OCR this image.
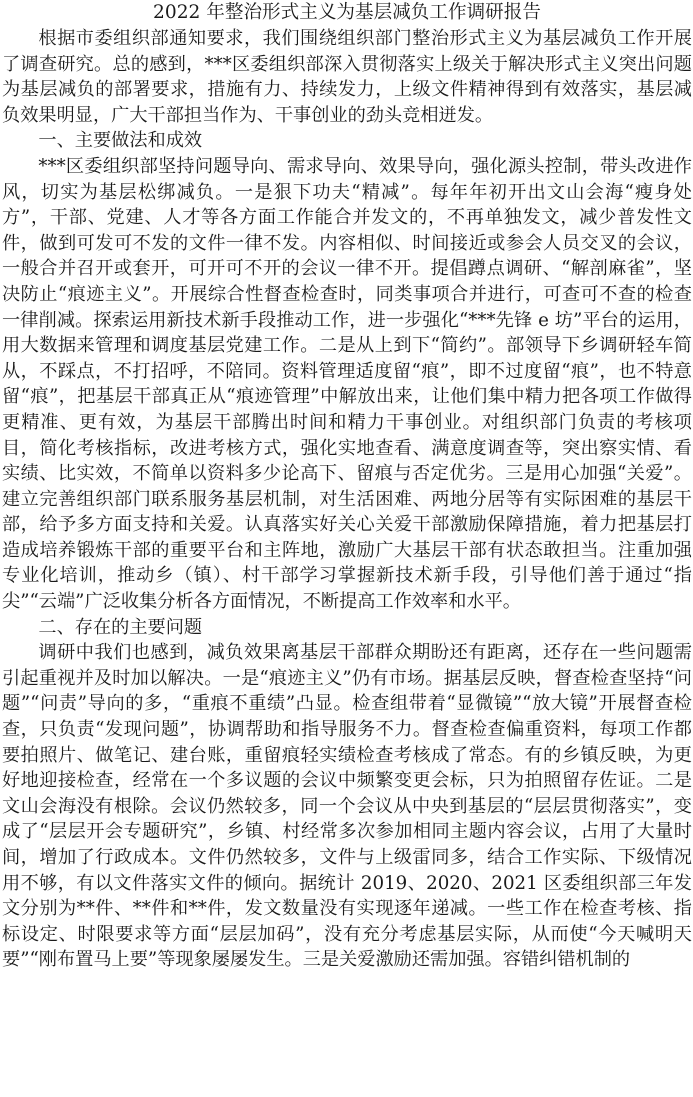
2022 年整治形式主义为基层减负工作调研报告

根据市委组织部通知要求，我们围绕组织部门整治形式主义为基层减负工作开展了调查研究。总的感到，***区委组织部深入贯彻落实上级关于解决形式主义突出问题为基层减负的部署要求，措施有力、持续发力，上级文件精神得到有效落实，基层减负效果明显，广大干部担当作为、干事创业的劲头竞相迸发。

一、主要做法和成效

***区委组织部坚持问题导向、需求导向、效果导向，强化源头控制，带头改进作风，切实为基层松绑减负。一是狠下功夫“精减”。每年年初开出文山会海“瘦身处方”，干部、党建、人才等各方面工作能合并发文的，不再单独发文，减少普发性文件，做到可发可不发的文件一律不发。内容相似、时间接近或参会人员交叉的会议，一般合并召开或套开，可开可不开的会议一律不开。提倡蹲点调研、“解剖麻雀”，坚决防止“痕迹主义”。开展综合性督查检查时，同类事项合并进行，可查可不查的检查一律削减。探索运用新技术新手段推动工作，进一步强化“***先锋 e 坊”平台的运用，用大数据来管理和调度基层党建工作。二是从上到下“简约”。部领导下乡调研轻车简从，不踩点，不打招呼，不陪同。资料管理适度留“痕”，即不过度留“痕”，也不特意留“痕”，把基层干部真正从“痕迹管理”中解放出来，让他们集中精力把各项工作做得更精准、更有效，为基层干部腾出时间和精力干事创业。对组织部门负责的考核项目，简化考核指标，改进考核方式，强化实地查看、满意度调查等，突出察实情、看实绩、比实效，不简单以资料多少论高下、留痕与否定优劣。三是用心加强“关爱”。建立完善组织部门联系服务基层机制，对生活困难、两地分居等有实际困难的基层干部，给予多方面支持和关爱。认真落实好关心关爱干部激励保障措施，着力把基层打造成培养锻炼干部的重要平台和主阵地，激励广大基层干部有状态敢担当。注重加强专业化培训，推动乡（镇）、村干部学习掌握新技术新手段，引导他们善于通过“指尖”“云端”广泛收集分析各方面情况，不断提高工作效率和水平。

二、存在的主要问题

调研中我们也感到，减负效果离基层干部群众期盼还有距离，还存在一些问题需引起重视并及时加以解决。一是“痕迹主义”仍有市场。据基层反映，督查检查坚持“问题”“问责”导向的多，“重痕不重绩”凸显。检查组带着“显微镜”“放大镜”开展督查检查，只负责“发现问题”，协调帮助和指导服务不力。督查检查偏重资料，每项工作都要拍照片、做笔记、建台账，重留痕轻实绩检查考核成了常态。有的乡镇反映，为更好地迎接检查，经常在一个多议题的会议中频繁变更会标，只为拍照留存佐证。二是文山会海没有根除。会议仍然较多，同一个会议从中央到基层的“层层贯彻落实”，变成了“层层开会专题研究”，乡镇、村经常多次参加相同主题内容会议，占用了大量时间，增加了行政成本。文件仍然较多，文件与上级雷同多，结合工作实际、下级情况用不够，有以文件落实文件的倾向。据统计 2019、2020、2021 区委组织部三年发文分别为**件、**件和**件，发文数量没有实现逐年递减。一些工作在检查考核、指标设定、时限要求等方面“层层加码”，没有充分考虑基层实际，从而使“今天喊明天要”“刚布置马上要”等现象屡屡发生。三是关爱激励还需加强。容错纠错机制的
